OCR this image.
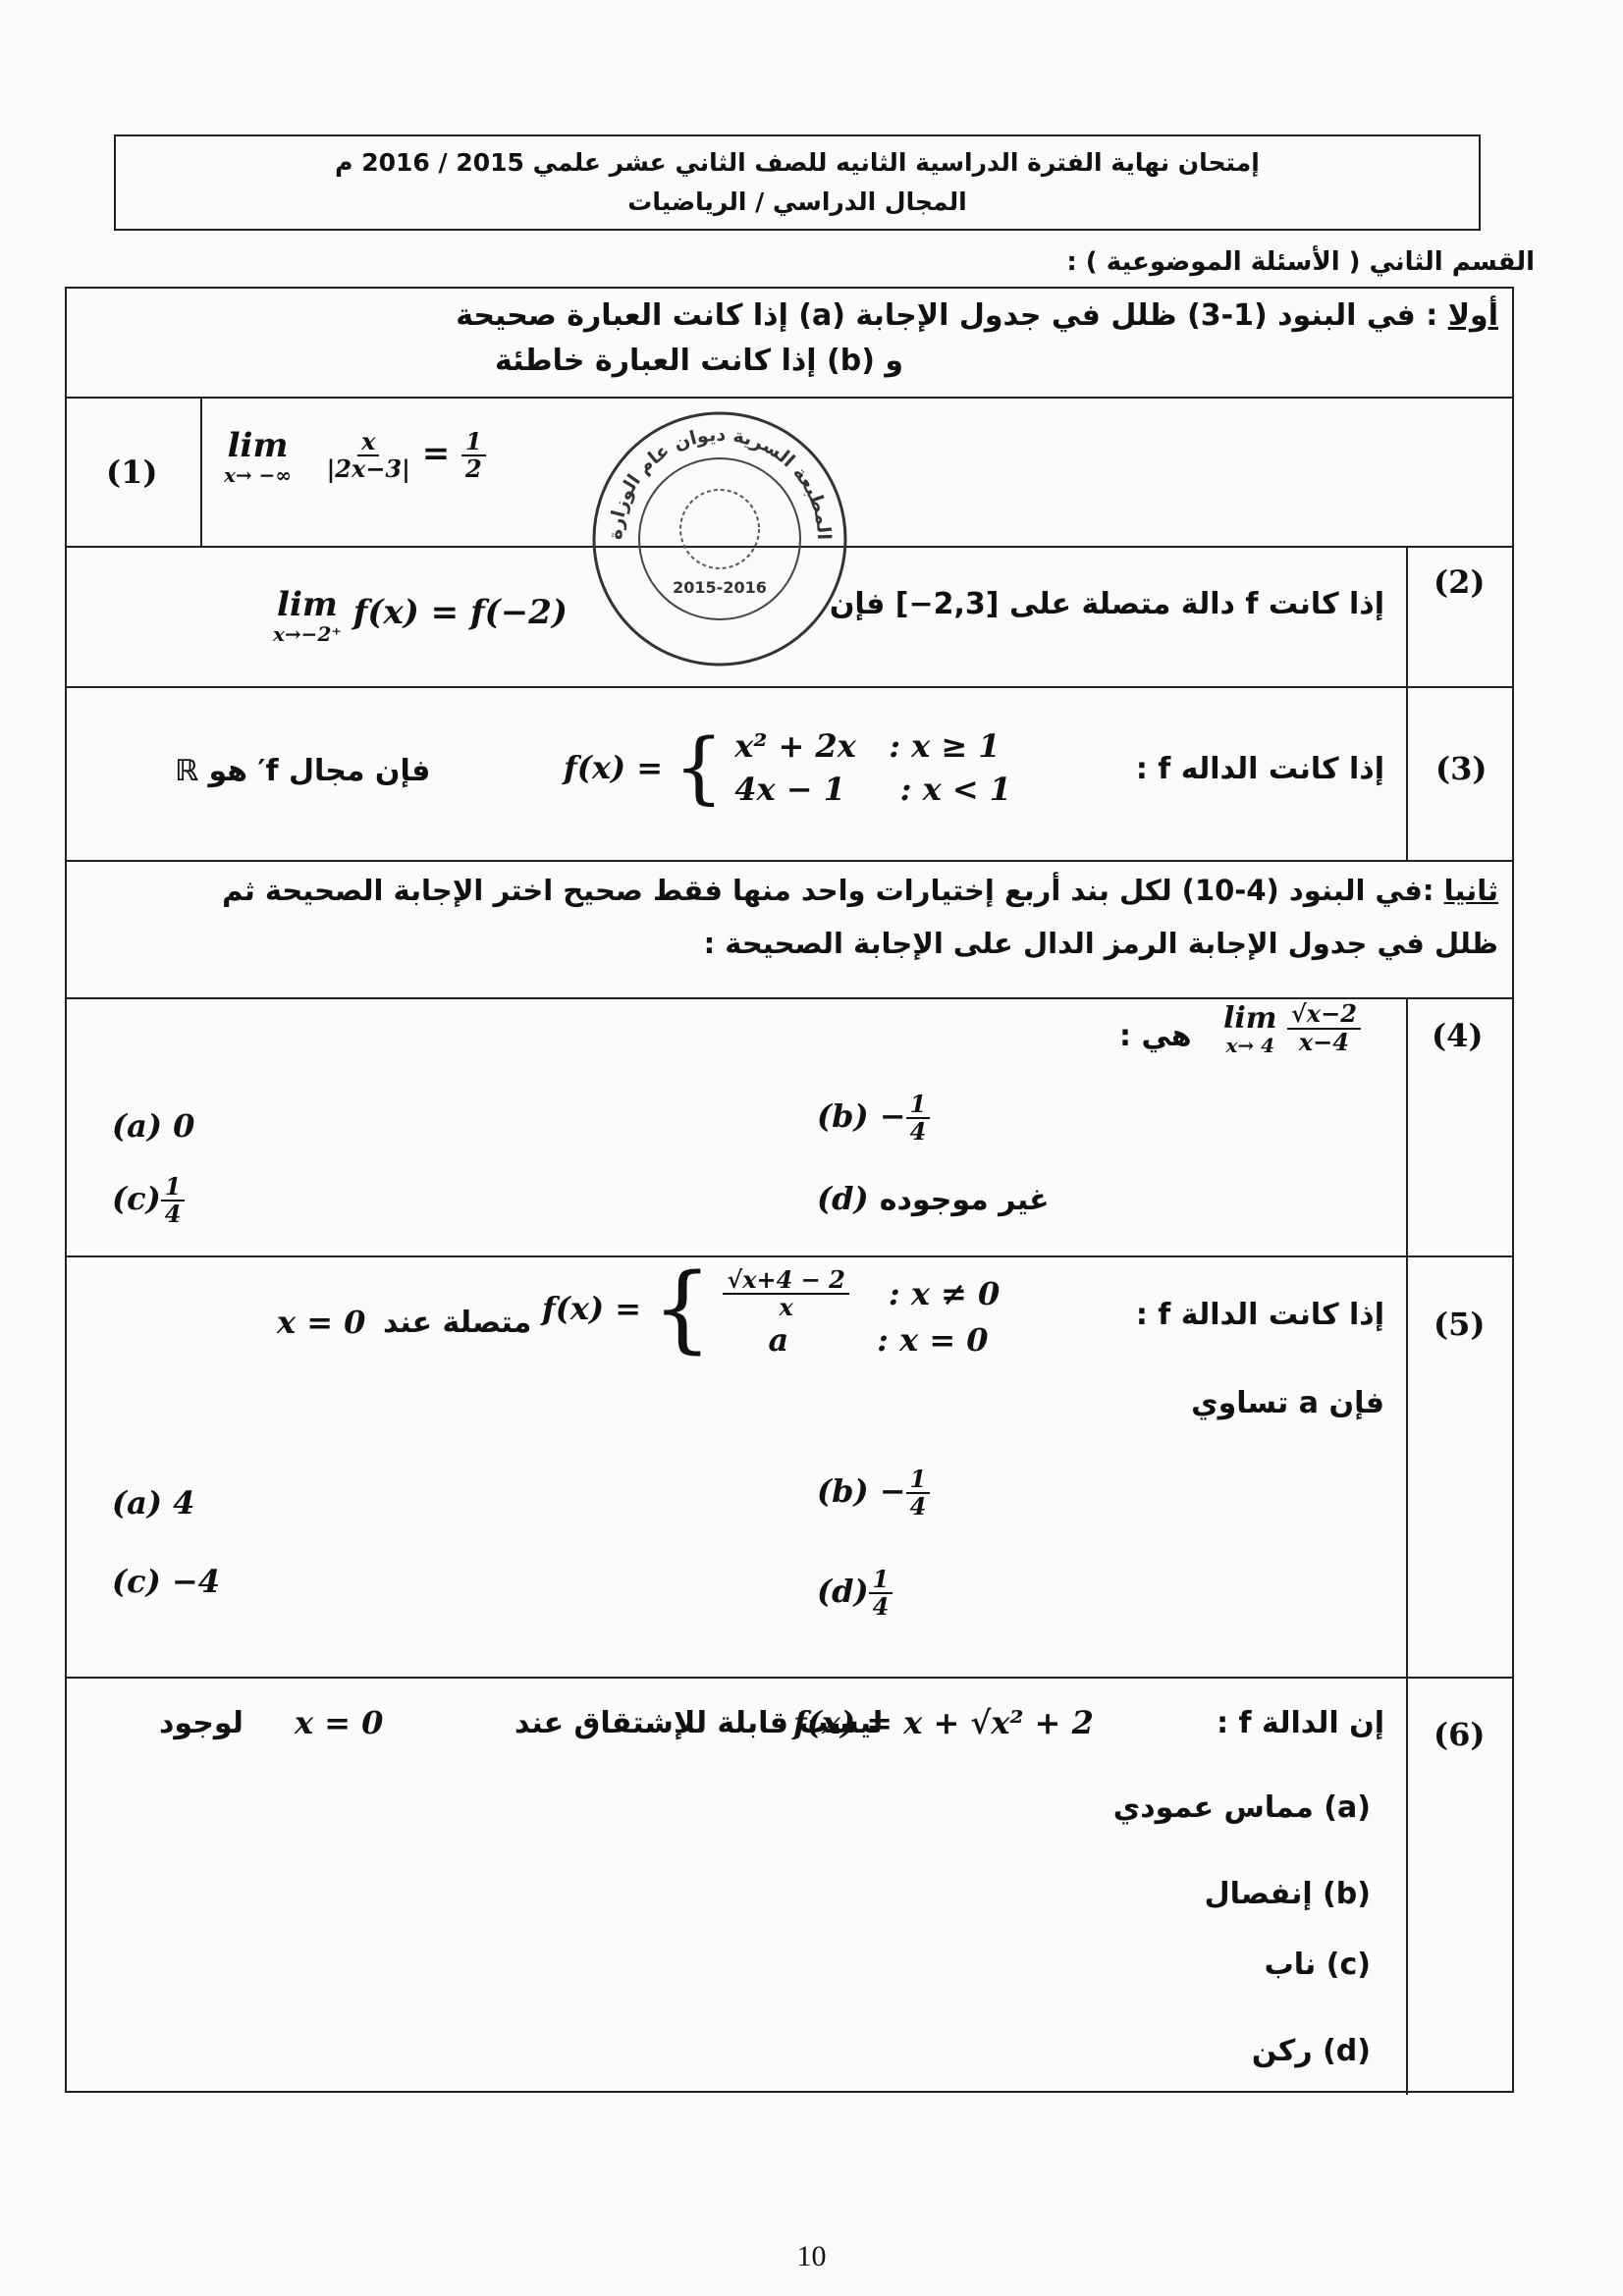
إمتحان نهاية الفترة الدراسية الثانيه للصف الثاني عشر علمي 2015 / 2016 م
المجال الدراسي / الرياضيات
القسم الثاني ( الأسئلة الموضوعية ) :
أولا : في البنود (1-3) ظلل في جدول الإجابة (a) إذا كانت العبارة صحيحة
و (b) إذا كانت العبارة خاطئة
(1)
lim
x→ −∞
$\frac{x}{|2x-3|} = \frac{1}{2}$
(2)
إذا كانت f دالة متصلة على [2,3−] فإن
lim
x→−2⁺
f(x) = f(−2)
(3)
إذا كانت الداله f :
f(x) = { x² + 2x : x ≥ 1
4x − 1 : x < 1
فإن مجال f′ هو ℝ
ثانيا :في البنود (4-10) لكل بند أربع إختيارات واحد منها فقط صحيح اختر الإجابة الصحيحة ثم
ظلل في جدول الإجابة الرمز الدال على الإجابة الصحيحة :
(4)
lim
x→ 4
$\frac{√x-2}{x-4}$
هي :
(a) 0	$(b) - \frac{1}{4}$
$(c) \frac{1}{4}$	(d) غير موجوده
(5)
إذا كانت الدالة f :
f(x) = { $\frac{√x+4 - 2}{x}$ : x ≠ 0

a	: x = 0
متصلة عند
x = 0
فإن a تساوي
(a) 4	$(b) - \frac{1}{4}$
(c) −4	$(d) \frac{1}{4}$
(6)
إن الدالة f :
f(x) = x + √x² + 2
ليست قابلة للإشتقاق عند
x = 0
لوجود
(a) مماس عمودي
(b) إنفصال
(c) ناب
(d) ركن
المطبعة السرية ديوان عام الوزارة
2015-2016
10
